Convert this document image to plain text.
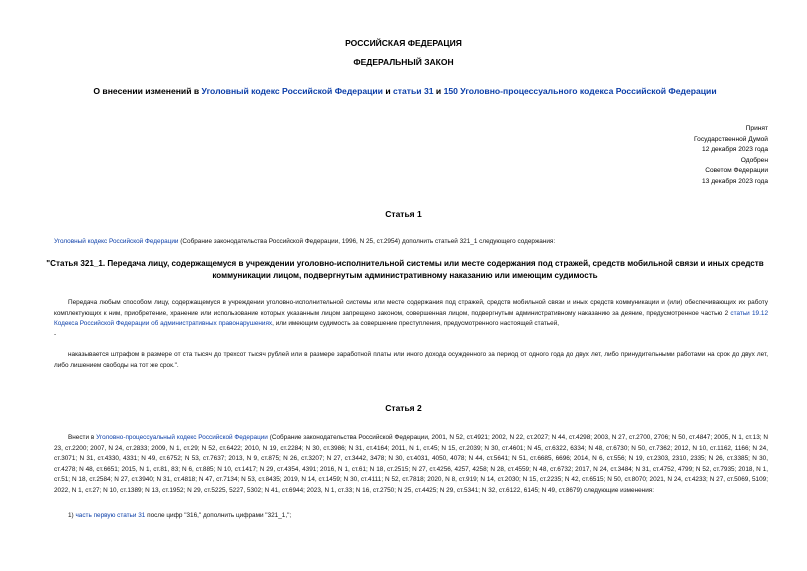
РОССИЙСКАЯ ФЕДЕРАЦИЯ
ФЕДЕРАЛЬНЫЙ ЗАКОН
О внесении изменений в Уголовный кодекс Российской Федерации и статьи 31 и 150 Уголовно-процессуального кодекса Российской Федерации
Принят
Государственной Думой
12 декабря 2023 года
Одобрен
Советом Федерации
13 декабря 2023 года
Статья 1
Уголовный кодекс Российской Федерации (Собрание законодательства Российской Федерации, 1996, N 25, ст.2954) дополнить статьей 321_1 следующего содержания:
"Статья 321_1. Передача лицу, содержащемуся в учреждении уголовно-исполнительной системы или месте содержания под стражей, средств мобильной связи и иных средств коммуникации лицом, подвергнутым административному наказанию или имеющим судимость
Передача любым способом лицу, содержащемуся в учреждении уголовно-исполнительной системы или месте содержания под стражей, средств мобильной связи и иных средств коммуникации и (или) обеспечивающих их работу комплектующих к ним, приобретение, хранение или использование которых указанным лицом запрещено законом, совершенная лицом, подвергнутым административному наказанию за деяние, предусмотренное частью 2 статьи 19.12 Кодекса Российской Федерации об административных правонарушениях, или имеющим судимость за совершение преступления, предусмотренного настоящей статьей,
-
наказывается штрафом в размере от ста тысяч до трехсот тысяч рублей или в размере заработной платы или иного дохода осужденного за период от одного года до двух лет, либо принудительными работами на срок до двух лет, либо лишением свободы на тот же срок.".
Статья 2
Внести в Уголовно-процессуальный кодекс Российской Федерации (Собрание законодательства Российской Федерации, 2001, N 52, ст.4921; 2002, N 22, ст.2027; N 44, ст.4298; 2003, N 27, ст.2700, 2706; N 50, ст.4847; 2005, N 1, ст.13; N 23, ст.2200; 2007, N 24, ст.2833; 2009, N 1, ст.29; N 52, ст.6422; 2010, N 19, ст.2284; N 30, ст.3986; N 31, ст.4164; 2011, N 1, ст.45; N 15, ст.2039; N 30, ст.4601; N 45, ст.6322, 6334; N 48, ст.6730; N 50, ст.7362; 2012, N 10, ст.1162, 1166; N 24, ст.3071; N 31, ст.4330, 4331; N 49, ст.6752; N 53, ст.7637; 2013, N 9, ст.875; N 26, ст.3207; N 27, ст.3442, 3478; N 30, ст.4031, 4050, 4078; N 44, ст.5641; N 51, ст.6685, 6696; 2014, N 6, ст.556; N 19, ст.2303, 2310, 2335; N 26, ст.3385; N 30, ст.4278; N 48, ст.6651; 2015, N 1, ст.81, 83; N 6, ст.885; N 10, ст.1417; N 29, ст.4354, 4391; 2016, N 1, ст.61; N 18, ст.2515; N 27, ст.4256, 4257, 4258; N 28, ст.4559; N 48, ст.6732; 2017, N 24, ст.3484; N 31, ст.4752, 4799; N 52, ст.7935; 2018, N 1, ст.51; N 18, ст.2584; N 27, ст.3940; N 31, ст.4818; N 47, ст.7134; N 53, ст.8435; 2019, N 14, ст.1459; N 30, ст.4111; N 52, ст.7818; 2020, N 8, ст.919; N 14, ст.2030; N 15, ст.2235; N 42, ст.6515; N 50, ст.8070; 2021, N 24, ст.4233; N 27, ст.5069, 5109; 2022, N 1, ст.27; N 10, ст.1389; N 13, ст.1952; N 29, ст.5225, 5227, 5302; N 41, ст.6944; 2023, N 1, ст.33; N 16, ст.2750; N 25, ст.4425; N 29, ст.5341; N 32, ст.6122, 6145; N 49, ст.8679) следующие изменения:
1) часть первую статьи 31 после цифр "316," дополнить цифрами "321_1,";
